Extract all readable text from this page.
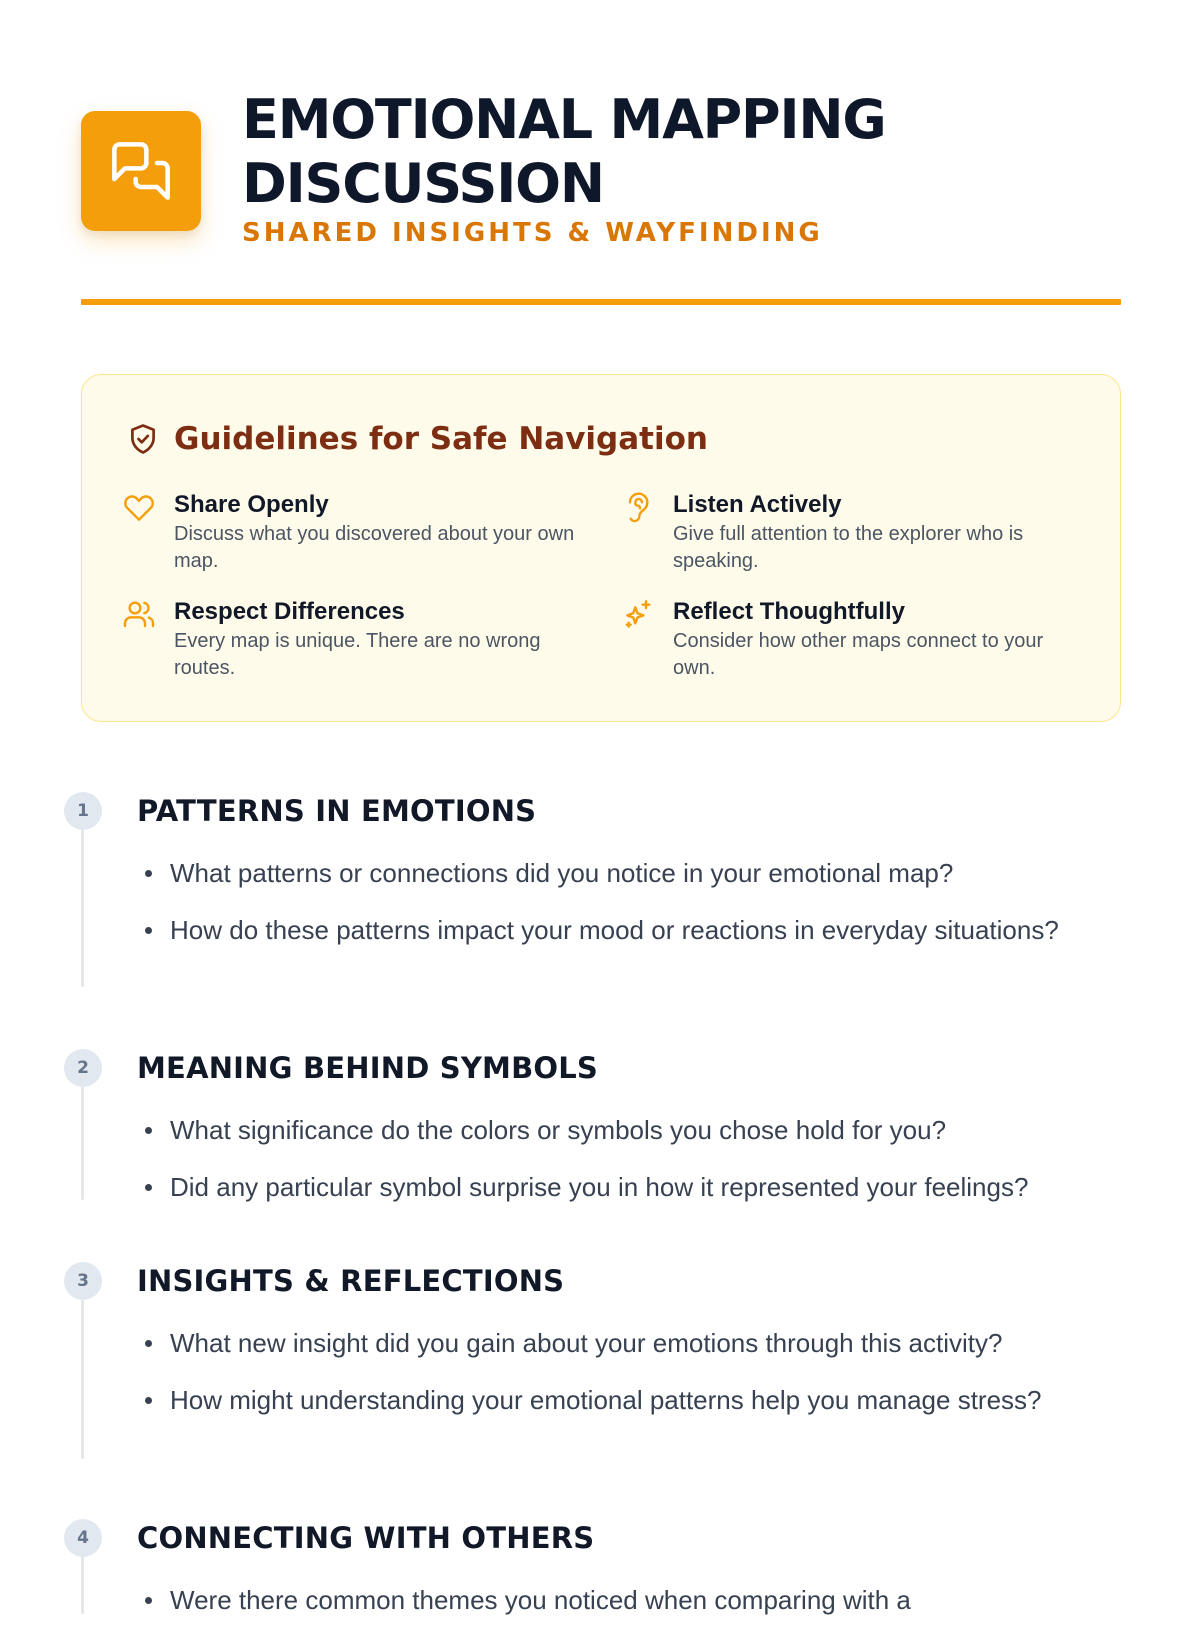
EMOTIONAL MAPPING DISCUSSION
SHARED INSIGHTS & WAYFINDING
Guidelines for Safe Navigation
Share Openly
Discuss what you discovered about your own map.
Listen Actively
Give full attention to the explorer who is speaking.
Respect Differences
Every map is unique. There are no wrong routes.
Reflect Thoughtfully
Consider how other maps connect to your own.
1	PATTERNS IN EMOTIONS
What patterns or connections did you notice in your emotional map?
How do these patterns impact your mood or reactions in everyday situations?
2	MEANING BEHIND SYMBOLS
What significance do the colors or symbols you chose hold for you?
Did any particular symbol surprise you in how it represented your feelings?
3	INSIGHTS & REFLECTIONS
What new insight did you gain about your emotions through this activity?
How might understanding your emotional patterns help you manage stress?
4	CONNECTING WITH OTHERS
Were there common themes you noticed when comparing with a
